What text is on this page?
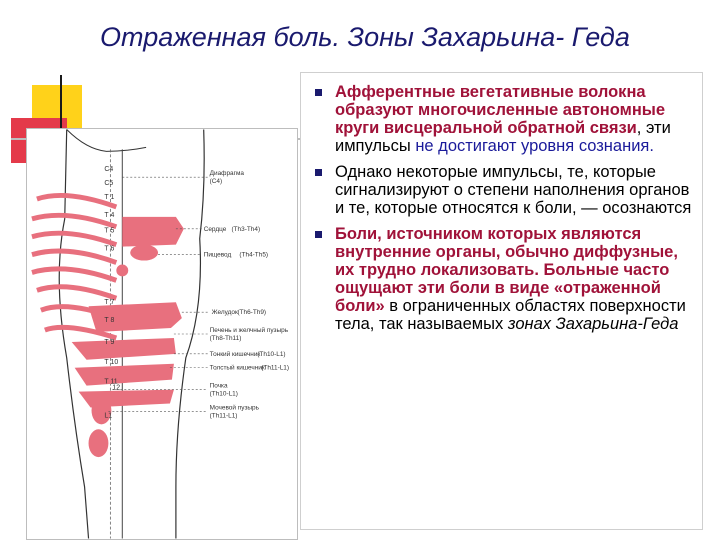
Отраженная боль. Зоны Захарьина- Геда
C4
C5
T 1
T 4
T 5
T 6
T 7
T 8
T 9
T 10
T 11
12
L1
Диафрагма
(C4)
Сердце (Th3-Th4)
Пищевод (Th4-Th5)
Желудок (Th6-Th9)
Печень и желчный пузырь
(Th8-Th11)
Тонкий кишечник
(Th10-L1)
Толстый кишечник
(Th11-L1)
Почка
(Th10-L1)
Мочевой пузырь
(Th11-L1)
Афферентные вегетативные волокна образуют многочисленные автономные круги висцеральной обратной связи, эти импульсы не достигают уровня сознания.
Однако некоторые импульсы, те, которые сигнализируют о степени наполнения органов и те, которые относятся к боли, — осознаются
Боли, источником которых являются внутренние органы, обычно диффузные, их трудно локализовать. Больные часто ощущают эти боли в виде «отраженной боли» в ограниченных областях поверхности тела, так называемых зонах Захарьина-Геда
